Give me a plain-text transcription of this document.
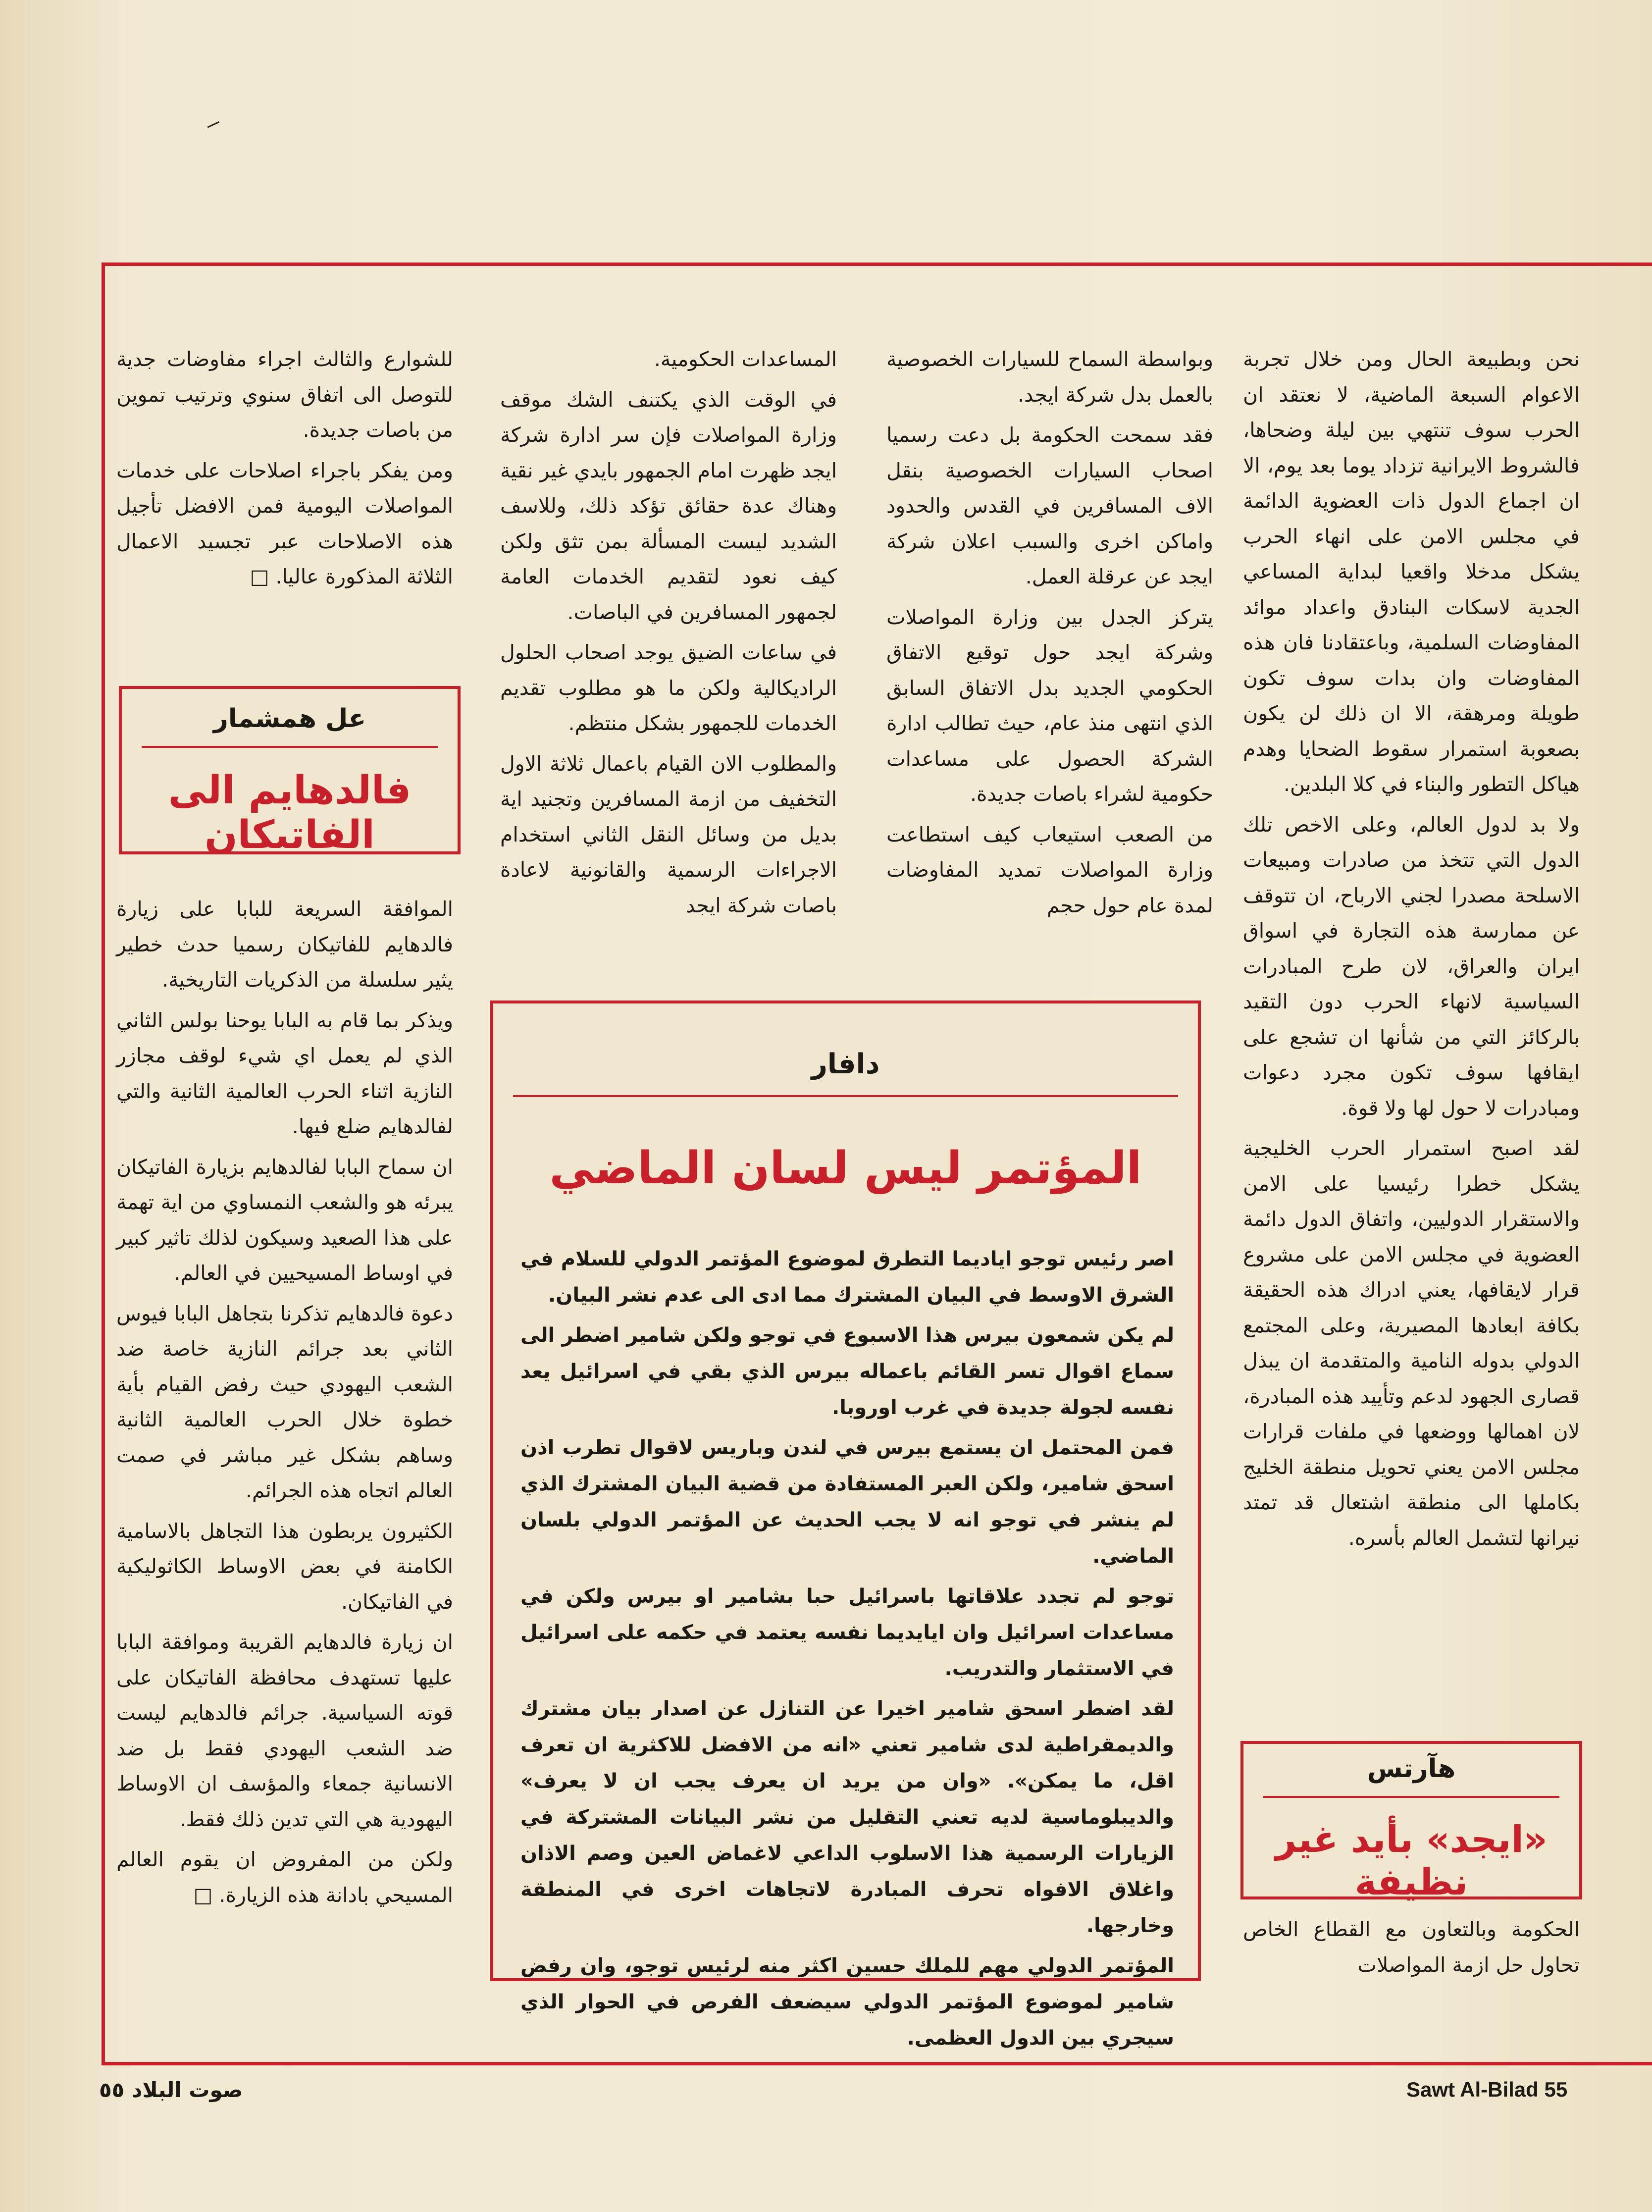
نحن وبطبيعة الحال ومن خلال تجربة الاعوام السبعة الماضية، لا نعتقد ان الحرب سوف تنتهي بين ليلة وضحاها، فالشروط الايرانية تزداد يوما بعد يوم، الا ان اجماع الدول ذات العضوية الدائمة في مجلس الامن على انهاء الحرب يشكل مدخلا واقعيا لبداية المساعي الجدية لاسكات البنادق واعداد موائد المفاوضات السلمية، وباعتقادنا فان هذه المفاوضات وان بدات سوف تكون طويلة ومرهقة، الا ان ذلك لن يكون بصعوبة استمرار سقوط الضحايا وهدم هياكل التطور والبناء في كلا البلدين.

ولا بد لدول العالم، وعلى الاخص تلك الدول التي تتخذ من صادرات ومبيعات الاسلحة مصدرا لجني الارباح، ان تتوقف عن ممارسة هذه التجارة في اسواق ايران والعراق، لان طرح المبادرات السياسية لانهاء الحرب دون التقيد بالركائز التي من شأنها ان تشجع على ايقافها سوف تكون مجرد دعوات ومبادرات لا حول لها ولا قوة.

لقد اصبح استمرار الحرب الخليجية يشكل خطرا رئيسيا على الامن والاستقرار الدوليين، واتفاق الدول دائمة العضوية في مجلس الامن على مشروع قرار لايقافها، يعني ادراك هذه الحقيقة بكافة ابعادها المصيرية، وعلى المجتمع الدولي بدوله النامية والمتقدمة ان يبذل قصارى الجهود لدعم وتأييد هذه المبادرة، لان اهمالها ووضعها في ملفات قرارات مجلس الامن يعني تحويل منطقة الخليج بكاملها الى منطقة اشتعال قد تمتد نيرانها لتشمل العالم بأسره.

هآرتس
«ايجد» بأيد غير نظيفة

الحكومة وبالتعاون مع القطاع الخاص تحاول حل ازمة المواصلات

وبواسطة السماح للسيارات الخصوصية بالعمل بدل شركة ايجد.

فقد سمحت الحكومة بل دعت رسميا اصحاب السيارات الخصوصية بنقل الاف المسافرين في القدس والحدود واماكن اخرى والسبب اعلان شركة ايجد عن عرقلة العمل.

يتركز الجدل بين وزارة المواصلات وشركة ايجد حول توقيع الاتفاق الحكومي الجديد بدل الاتفاق السابق الذي انتهى منذ عام، حيث تطالب ادارة الشركة الحصول على مساعدات حكومية لشراء باصات جديدة.

من الصعب استيعاب كيف استطاعت وزارة المواصلات تمديد المفاوضات لمدة عام حول حجم

المساعدات الحكومية.

في الوقت الذي يكتنف الشك موقف وزارة المواصلات فإن سر ادارة شركة ايجد ظهرت امام الجمهور بايدي غير نقية وهناك عدة حقائق تؤكد ذلك، وللاسف الشديد ليست المسألة بمن تثق ولكن كيف نعود لتقديم الخدمات العامة لجمهور المسافرين في الباصات.

في ساعات الضيق يوجد اصحاب الحلول الراديكالية ولكن ما هو مطلوب تقديم الخدمات للجمهور بشكل منتظم.

والمطلوب الان القيام باعمال ثلاثة الاول التخفيف من ازمة المسافرين وتجنيد اية بديل من وسائل النقل الثاني استخدام الاجراءات الرسمية والقانونية لاعادة باصات شركة ايجد

للشوارع والثالث اجراء مفاوضات جدية للتوصل الى اتفاق سنوي وترتيب تموين من باصات جديدة.

ومن يفكر باجراء اصلاحات على خدمات المواصلات اليومية فمن الافضل تأجيل هذه الاصلاحات عبر تجسيد الاعمال الثلاثة المذكورة عاليا. □

عل همشمار
فالدهايم الى الفاتيكان

الموافقة السريعة للبابا على زيارة فالدهايم للفاتيكان رسميا حدث خطير يثير سلسلة من الذكريات التاريخية.

ويذكر بما قام به البابا يوحنا بولس الثاني الذي لم يعمل اي شيء لوقف مجازر النازية اثناء الحرب العالمية الثانية والتي لفالدهايم ضلع فيها.

ان سماح البابا لفالدهايم بزيارة الفاتيكان يبرئه هو والشعب النمساوي من اية تهمة على هذا الصعيد وسيكون لذلك تاثير كبير في اوساط المسيحيين في العالم.

دعوة فالدهايم تذكرنا بتجاهل البابا فيوس الثاني بعد جرائم النازية خاصة ضد الشعب اليهودي حيث رفض القيام بأية خطوة خلال الحرب العالمية الثانية وساهم بشكل غير مباشر في صمت العالم اتجاه هذه الجرائم.

الكثيرون يربطون هذا التجاهل بالاسامية الكامنة في بعض الاوساط الكاثوليكية في الفاتيكان.

ان زيارة فالدهايم القريبة وموافقة البابا عليها تستهدف محافظة الفاتيكان على قوته السياسية. جرائم فالدهايم ليست ضد الشعب اليهودي فقط بل ضد الانسانية جمعاء والمؤسف ان الاوساط اليهودية هي التي تدين ذلك فقط.

ولكن من المفروض ان يقوم العالم المسيحي بادانة هذه الزيارة. □

دافار
المؤتمر ليس لسان الماضي

اصر رئيس توجو اياديما التطرق لموضوع المؤتمر الدولي للسلام في الشرق الاوسط في البيان المشترك مما ادى الى عدم نشر البيان.

لم يكن شمعون بيرس هذا الاسبوع في توجو ولكن شامير اضطر الى سماع اقوال تسر القائم باعماله بيرس الذي بقي في اسرائيل يعد نفسه لجولة جديدة في غرب اوروبا.

فمن المحتمل ان يستمع بيرس في لندن وباريس لاقوال تطرب اذن اسحق شامير، ولكن العبر المستفادة من قضية البيان المشترك الذي لم ينشر في توجو انه لا يجب الحديث عن المؤتمر الدولي بلسان الماضي.

توجو لم تجدد علاقاتها باسرائيل حبا بشامير او بيرس ولكن في مساعدات اسرائيل وان ايايديما نفسه يعتمد في حكمه على اسرائيل في الاستثمار والتدريب.

لقد اضطر اسحق شامير اخيرا عن التنازل عن اصدار بيان مشترك والديمقراطية لدى شامير تعني «انه من الافضل للاكثرية ان تعرف اقل، ما يمكن». «وان من يريد ان يعرف يجب ان لا يعرف» والديبلوماسية لديه تعني التقليل من نشر البيانات المشتركة في الزيارات الرسمية هذا الاسلوب الداعي لاغماض العين وصم الاذان واغلاق الافواه تحرف المبادرة لاتجاهات اخرى في المنطقة وخارجها.

المؤتمر الدولي مهم للملك حسين اكثر منه لرئيس توجو، وان رفض شامير لموضوع المؤتمر الدولي سيضعف الفرص في الحوار الذي سيجري بين الدول العظمى.

صوت البلاد ٥٥	Sawt Al-Bilad 55
